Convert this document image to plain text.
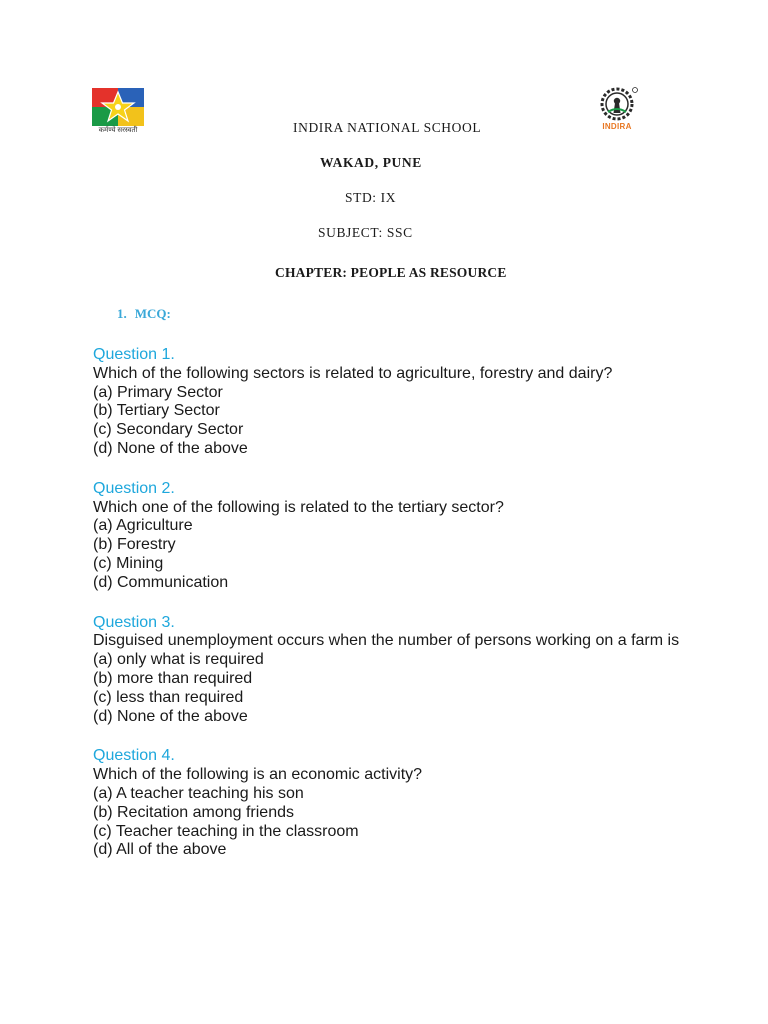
कर्मण्ये सरस्वती	INDIRA
INDIRA NATIONAL SCHOOL
WAKAD, PUNE
STD: IX
SUBJECT: SSC
CHAPTER: PEOPLE AS RESOURCE
1. MCQ:
Question 1.
Which of the following sectors is related to agriculture, forestry and dairy?
(a) Primary Sector
(b) Tertiary Sector
(c) Secondary Sector
(d) None of the above
Question 2.
Which one of the following is related to the tertiary sector?
(a) Agriculture
(b) Forestry
(c) Mining
(d) Communication
Question 3.
Disguised unemployment occurs when the number of persons working on a farm is
(a) only what is required
(b) more than required
(c) less than required
(d) None of the above
Question 4.
Which of the following is an economic activity?
(a) A teacher teaching his son
(b) Recitation among friends
(c) Teacher teaching in the classroom
(d) All of the above
